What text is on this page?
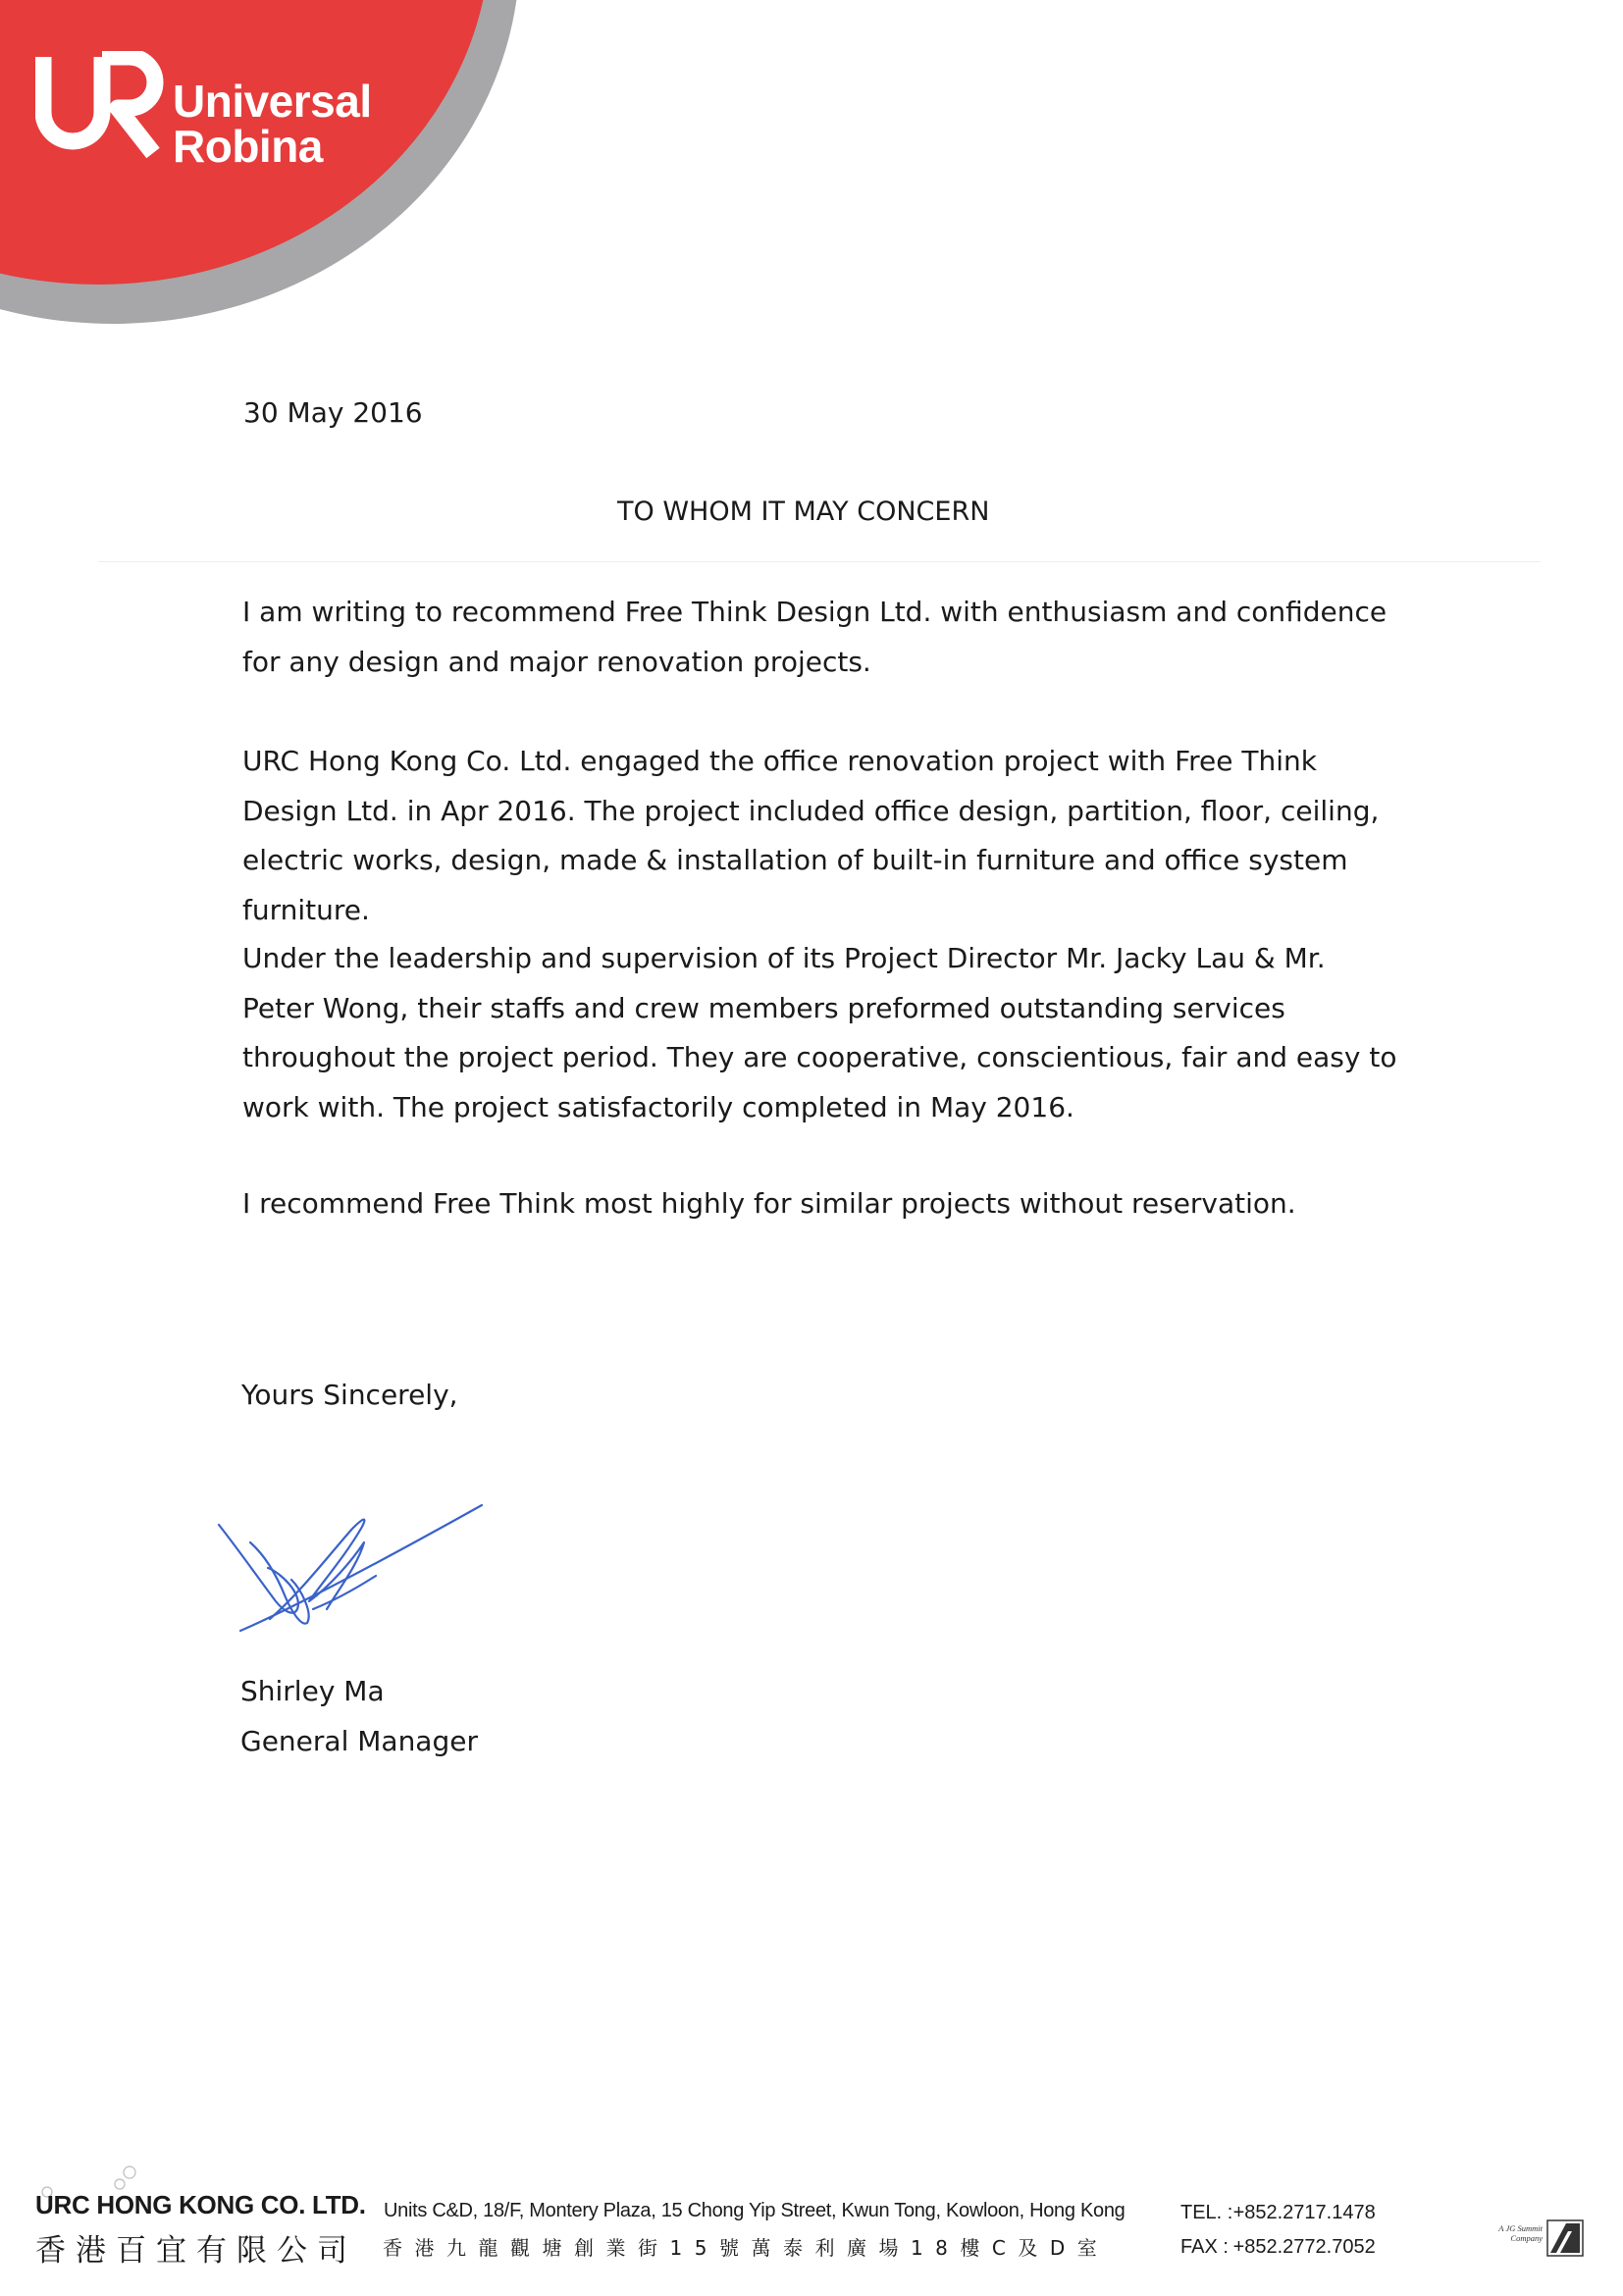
Universal
Robina
30 May 2016
TO WHOM IT MAY CONCERN

I am writing to recommend Free Think Design Ltd. with enthusiasm and confidence for any design and major renovation projects.

URC Hong Kong Co. Ltd. engaged the office renovation project with Free Think Design Ltd. in Apr 2016. The project included office design, partition, floor, ceiling, electric works, design, made & installation of built-in furniture and office system furniture.

Under the leadership and supervision of its Project Director Mr. Jacky Lau & Mr. Peter Wong, their staffs and crew members preformed outstanding services throughout the project period. They are cooperative, conscientious, fair and easy to work with. The project satisfactorily completed in May 2016.

I recommend Free Think most highly for similar projects without reservation.

Yours Sincerely,
Shirley Ma
General Manager
URC HONG KONG CO. LTD.
香港百宜有限公司
Units C&D, 18/F, Montery Plaza, 15 Chong Yip Street, Kwun Tong, Kowloon, Hong Kong
香港九龍觀塘創業街15號萬泰利廣場18樓C及D室
TEL. : +852.2717.1478
FAX : +852.2772.7052
A JG Summit
Company
